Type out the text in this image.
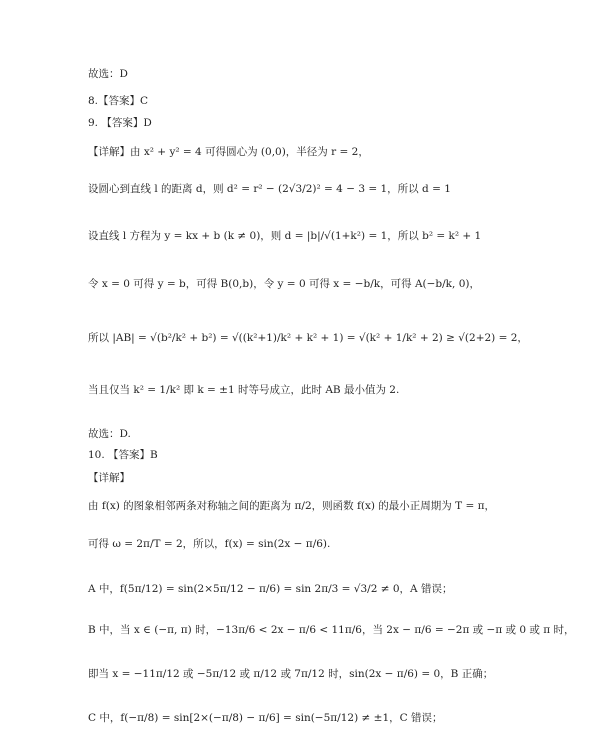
故选：D
8.【答案】C
9. 【答案】D
【详解】由 x² + y² = 4 可得圆心为 (0,0)，半径为 r = 2，
设圆心到直线 l 的距离 d，则 d² = r² − (2√3/2)² = 4 − 3 = 1，所以 d = 1
设直线 l 方程为 y = kx + b (k ≠ 0)，则 d = |b|/√(1+k²) = 1，所以 b² = k² + 1
令 x = 0 可得 y = b，可得 B(0,b)，令 y = 0 可得 x = −b/k，可得 A(−b/k, 0)，
所以 |AB| = √(b²/k² + b²) = √((k²+1)/k² + k² + 1) = √(k² + 1/k² + 2) ≥ √(2+2) = 2，
当且仅当 k² = 1/k² 即 k = ±1 时等号成立，此时 AB 最小值为 2.
故选：D.
10. 【答案】B
【详解】
由 f(x) 的图象相邻两条对称轴之间的距离为 π/2，则函数 f(x) 的最小正周期为 T = π，
可得 ω = 2π/T = 2，所以，f(x) = sin(2x − π/6).
A 中，f(5π/12) = sin(2×5π/12 − π/6) = sin 2π/3 = √3/2 ≠ 0，A 错误；
B 中，当 x ∈ (−π, π) 时，−13π/6 < 2x − π/6 < 11π/6，当 2x − π/6 = −2π 或 −π 或 0 或 π 时，
即当 x = −11π/12 或 −5π/12 或 π/12 或 7π/12 时，sin(2x − π/6) = 0，B 正确；
C 中，f(−π/8) = sin[2×(−π/8) − π/6] = sin(−5π/12) ≠ ±1，C 错误；
